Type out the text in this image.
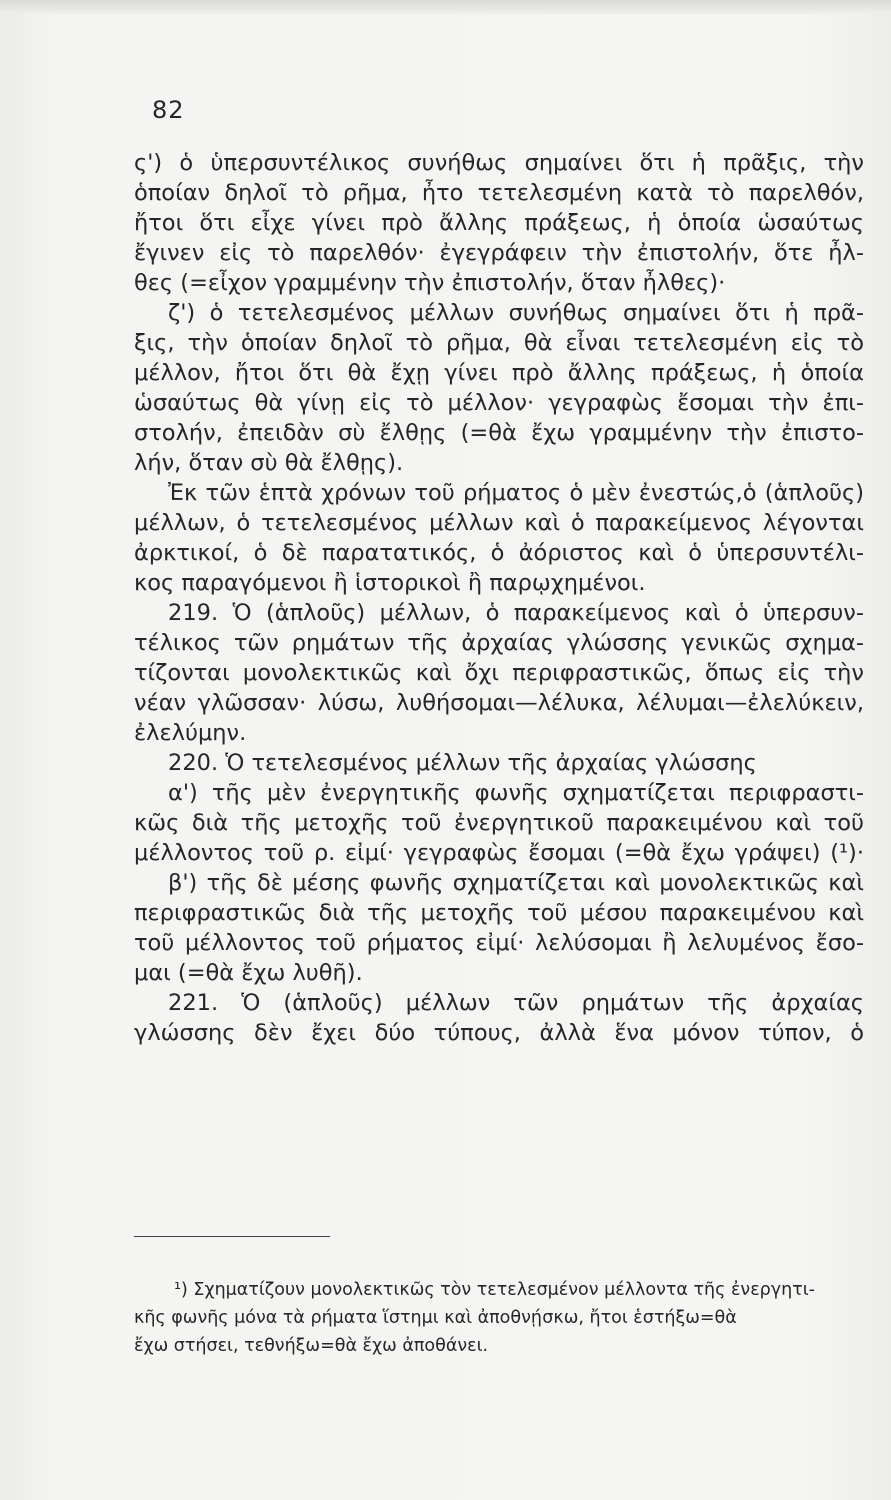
82
ς') ὁ ὑπερσυντέλικος συνήθως σημαίνει ὅτι ἡ πρᾶξις, τὴν
ὁποίαν δηλοῖ τὸ ρῆμα, ἦτο τετελεσμένη κατὰ τὸ παρελθόν,
ἤτοι ὅτι εἶχε γίνει πρὸ ἄλλης πράξεως, ἡ ὁποία ὡσαύτως
ἔγινεν εἰς τὸ παρελθόν· ἐγεγράφειν τὴν ἐπιστολήν, ὅτε ἦλ-
θες (=εἶχον γραμμένην τὴν ἐπιστολήν, ὅταν ἦλθες)·
ζ') ὁ τετελεσμένος μέλλων συνήθως σημαίνει ὅτι ἡ πρᾶ-
ξις, τὴν ὁποίαν δηλοῖ τὸ ρῆμα, θὰ εἶναι τετελεσμένη εἰς τὸ
μέλλον, ἤτοι ὅτι θὰ ἔχῃ γίνει πρὸ ἄλλης πράξεως, ἡ ὁποία
ὡσαύτως θὰ γίνῃ εἰς τὸ μέλλον· γεγραφὼς ἔσομαι τὴν ἐπι-
στολήν, ἐπειδὰν σὺ ἔλθῃς (=θὰ ἔχω γραμμένην τὴν ἐπιστο-
λήν, ὅταν σὺ θὰ ἔλθῃς).
Ἐκ τῶν ἑπτὰ χρόνων τοῦ ρήματος ὁ μὲν ἐνεστώς,ὁ (ἁπλοῦς)
μέλλων, ὁ τετελεσμένος μέλλων καὶ ὁ παρακείμενος λέγονται
ἀρκτικοί, ὁ δὲ παρατατικός, ὁ ἀόριστος καὶ ὁ ὑπερσυντέλι-
κος παραγόμενοι ἢ ἱστορικοὶ ἢ παρῳχημένοι.
219. Ὁ (ἁπλοῦς) μέλλων, ὁ παρακείμενος καὶ ὁ ὑπερσυν-
τέλικος τῶν ρημάτων τῆς ἀρχαίας γλώσσης γενικῶς σχημα-
τίζονται μονολεκτικῶς καὶ ὄχι περιφραστικῶς, ὅπως εἰς τὴν
νέαν γλῶσσαν· λύσω, λυθήσομαι—λέλυκα, λέλυμαι—ἐλελύκειν,
ἐλελύμην.
220. Ὁ τετελεσμένος μέλλων τῆς ἀρχαίας γλώσσης
α') τῆς μὲν ἐνεργητικῆς φωνῆς σχηματίζεται περιφραστι-
κῶς διὰ τῆς μετοχῆς τοῦ ἐνεργητικοῦ παρακειμένου καὶ τοῦ
μέλλοντος τοῦ ρ. εἰμί· γεγραφὼς ἔσομαι (=θὰ ἔχω γράψει) (¹)·
β') τῆς δὲ μέσης φωνῆς σχηματίζεται καὶ μονολεκτικῶς καὶ
περιφραστικῶς διὰ τῆς μετοχῆς τοῦ μέσου παρακειμένου καὶ
τοῦ μέλλοντος τοῦ ρήματος εἰμί· λελύσομαι ἢ λελυμένος ἔσο-
μαι (=θὰ ἔχω λυθῆ).
221. Ὁ (ἁπλοῦς) μέλλων τῶν ρημάτων τῆς ἀρχαίας
γλώσσης δὲν ἔχει δύο τύπους, ἀλλὰ ἕνα μόνον τύπον, ὁ
¹) Σχηματίζουν μονολεκτικῶς τὸν τετελεσμένον μέλλοντα τῆς ἐνεργητι-
κῆς φωνῆς μόνα τὰ ρήματα ἵστημι καὶ ἀποθνῄσκω, ἤτοι ἑστήξω=θὰ
ἔχω στήσει, τεθνήξω=θὰ ἔχω ἀποθάνει.
